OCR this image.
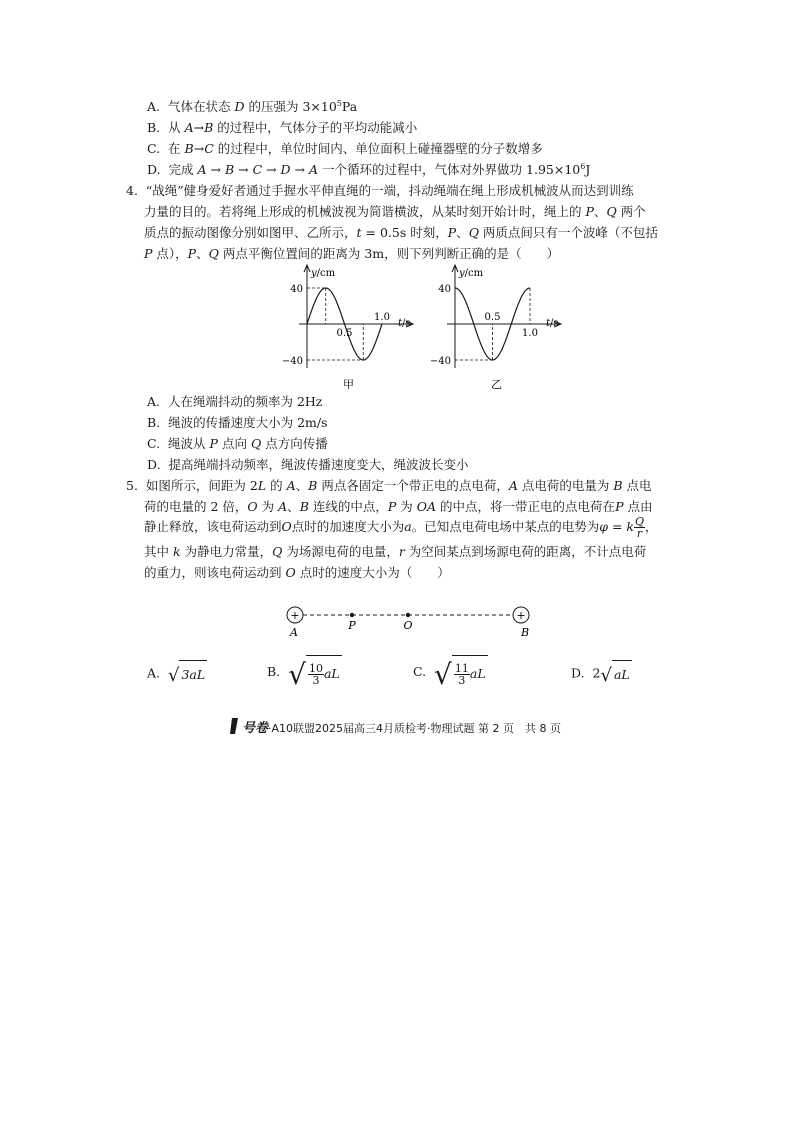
A. 气体在状态 D 的压强为 $3\times 10^5Pa$
B. 从 A→B 的过程中，气体分子的平均动能减小
C. 在 B→C 的过程中，单位时间内、单位面积上碰撞器壁的分子数增多
D. 完成 A → B → C → D → A 一个循环的过程中，气体对外界做功 $1.95\times 10^6J$
4. “战绳”健身爱好者通过手握水平伸直绳的一端，抖动绳端在绳上形成机械波从而达到训练
力量的目的。若将绳上形成的机械波视为简谐横波，从某时刻开始计时，绳上的 P、Q 两个
质点的振动图像分别如图甲、乙所示，t = 0.5s 时刻，P、Q 两质点间只有一个波峰（不包括
P 点），P、Q 两点平衡位置间的距离为 3m，则下列判断正确的是（　　）
y/cm
t/s
40
−40
0.5
1.0
甲
y/cm
t/s
40
−40
0.5
1.0
乙
A. 人在绳端抖动的频率为 2Hz
B. 绳波的传播速度大小为 2m/s
C. 绳波从 P 点向 Q 点方向传播
D. 提高绳端抖动频率，绳波传播速度变大，绳波波长变小
5. 如图所示，间距为 2L 的 A、B 两点各固定一个带正电的点电荷，A 点电荷的电量为 B 点电
荷的电量的 2 倍，O 为 A、B 连线的中点，P 为 OA 的中点，将一带正电的点电荷在P 点由
静止释放，该电荷运动到O点时的加速度大小为a。已知点电荷电场中某点的电势为φ = k $\frac{Q}{r}$ ，
其中 k 为静电力常量，Q 为场源电荷的电量，r 为空间某点到场源电荷的距离，不计点电荷
的重力，则该电荷运动到 O 点时的速度大小为（　　）
+	+
A
P	O
B
A. √ 3aL	B. √ $\frac{10}{3}$ aL	C. √ $\frac{11}{3}$ aL	D. 2√ aL
号卷·A10联盟2025届高三4月质检考·物理试题 第 2 页　共 8 页
